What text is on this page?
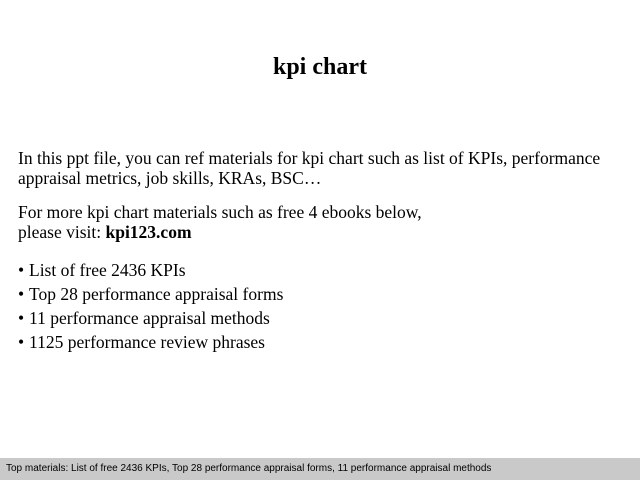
kpi chart

In this ppt file, you can ref materials for kpi chart such as list of KPIs, performance
appraisal metrics, job skills, KRAs, BSC…

For more kpi chart materials such as free 4 ebooks below,
please visit: kpi123.com

• List of free 2436 KPIs
• Top 28 performance appraisal forms
• 11 performance appraisal methods
• 1125 performance review phrases
Top materials: List of free 2436 KPIs, Top 28 performance appraisal forms, 11 performance appraisal methods
